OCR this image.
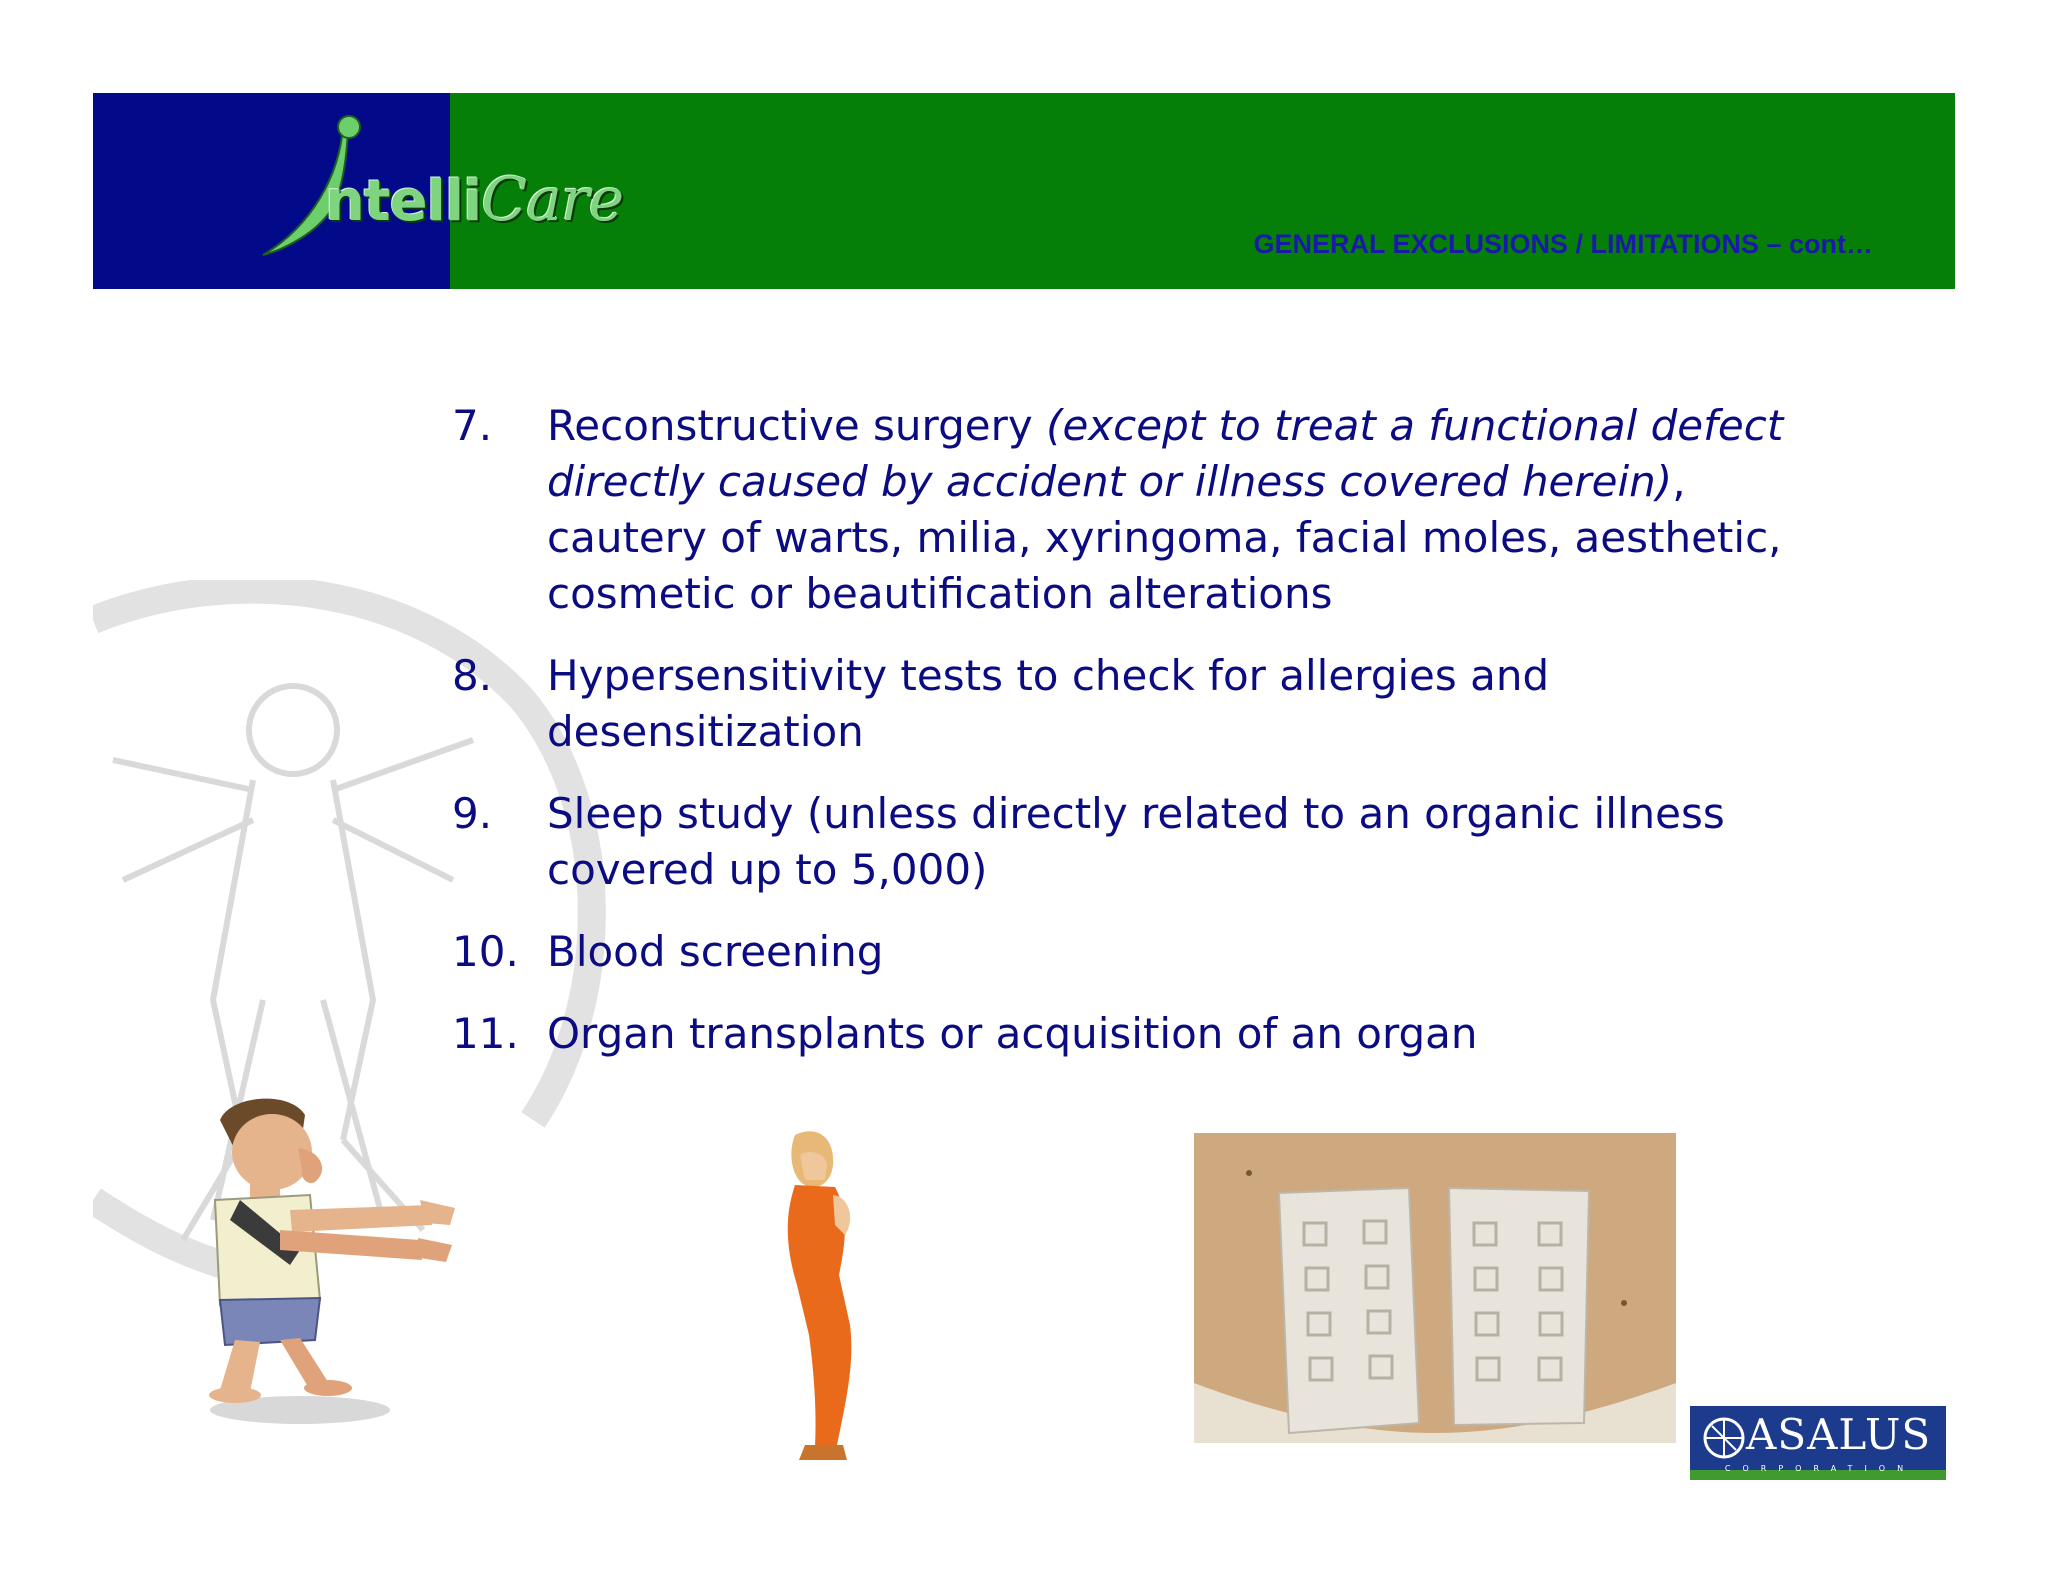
ntelliCare
GENERAL EXCLUSIONS / LIMITATIONS – cont…
7. Reconstructive surgery (except to treat a functional defect directly caused by accident or illness covered herein), cautery of warts, milia, xyringoma, facial moles, aesthetic, cosmetic or beautification alterations
8. Hypersensitivity tests to check for allergies and desensitization
9. Sleep study (unless directly related to an organic illness covered up to 5,000)
10. Blood screening
11. Organ transplants or acquisition of an organ
ASALUS
CORPORATION
